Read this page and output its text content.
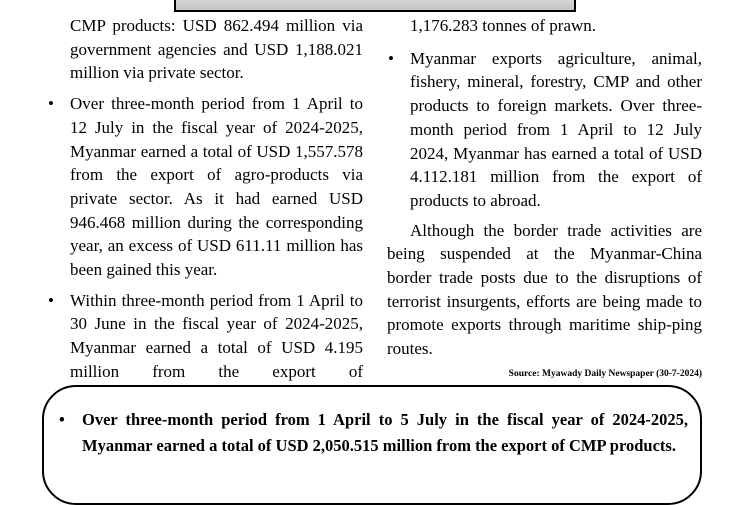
CMP products: USD 862.494 million via government agencies and USD 1,188.021 million via private sector.

• Over three-month period from 1 April to 12 July in the fiscal year of 2024-2025, Myanmar earned a total of USD 1,557.578 from the export of agro-products via private sector. As it had earned USD 946.468 million during the corresponding year, an excess of USD 611.11 million has been gained this year.
• Within three-month period from 1 April to 30 June in the fiscal year of 2024-2025, Myanmar earned a total of USD 4.195 million from the export of

1,176.283 tonnes of prawn.

• Myanmar exports agriculture, animal, fishery, mineral, forestry, CMP and other products to foreign markets. Over three-month period from 1 April to 12 July 2024, Myanmar has earned a total of USD 4.112.181 million from the export of products to abroad.

Although the border trade activities are being suspended at the Myanmar-China border trade posts due to the disruptions of terrorist insurgents, efforts are being made to promote exports through maritime ship-ping routes.

Source: Myawady Daily Newspaper (30-7-2024)
• Over three-month period from 1 April to 5 July in the fiscal year of 2024-2025, Myanmar earned a total of USD 2,050.515 million from the export of CMP products.
